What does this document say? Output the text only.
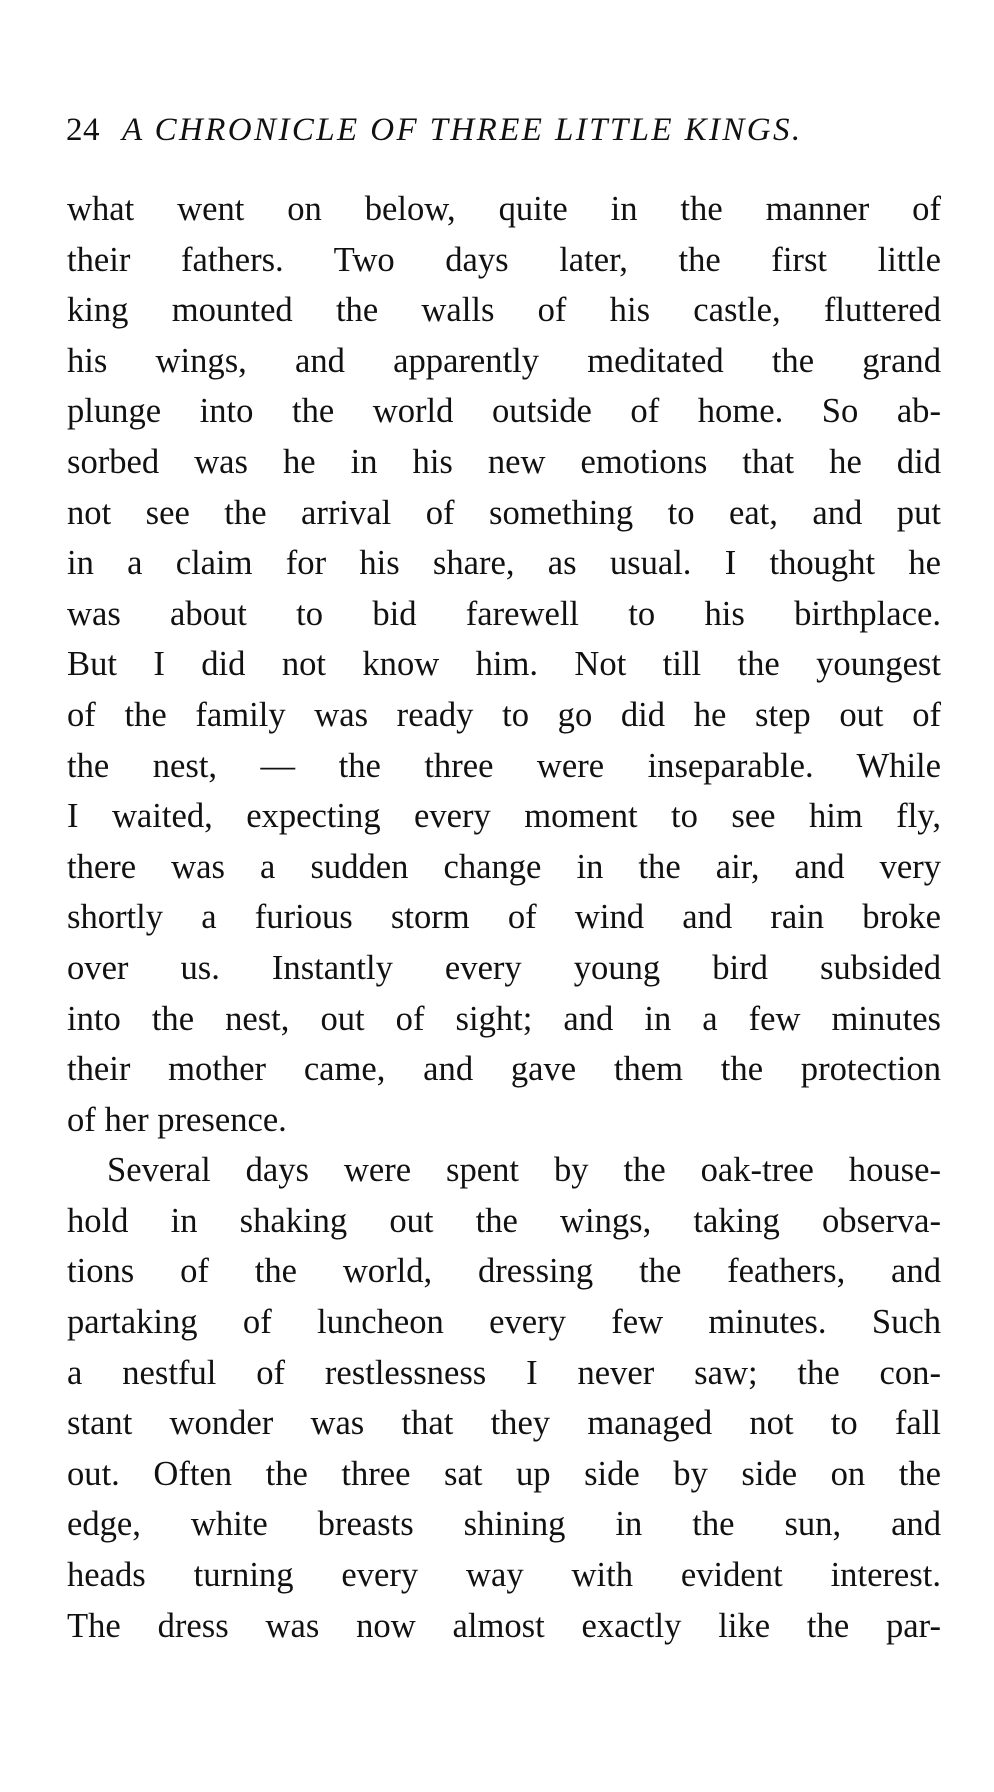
24 A CHRONICLE OF THREE LITTLE KINGS.
what went on below, quite in the manner of
their fathers. Two days later, the first little
king mounted the walls of his castle, fluttered
his wings, and apparently meditated the grand
plunge into the world outside of home. So ab-
sorbed was he in his new emotions that he did
not see the arrival of something to eat, and put
in a claim for his share, as usual. I thought he
was about to bid farewell to his birthplace.
But I did not know him. Not till the youngest
of the family was ready to go did he step out of
the nest, — the three were inseparable. While
I waited, expecting every moment to see him fly,
there was a sudden change in the air, and very
shortly a furious storm of wind and rain broke
over us. Instantly every young bird subsided
into the nest, out of sight; and in a few minutes
their mother came, and gave them the protection
of her presence.
Several days were spent by the oak-tree house-
hold in shaking out the wings, taking observa-
tions of the world, dressing the feathers, and
partaking of luncheon every few minutes. Such
a nestful of restlessness I never saw; the con-
stant wonder was that they managed not to fall
out. Often the three sat up side by side on the
edge, white breasts shining in the sun, and
heads turning every way with evident interest.
The dress was now almost exactly like the par-
